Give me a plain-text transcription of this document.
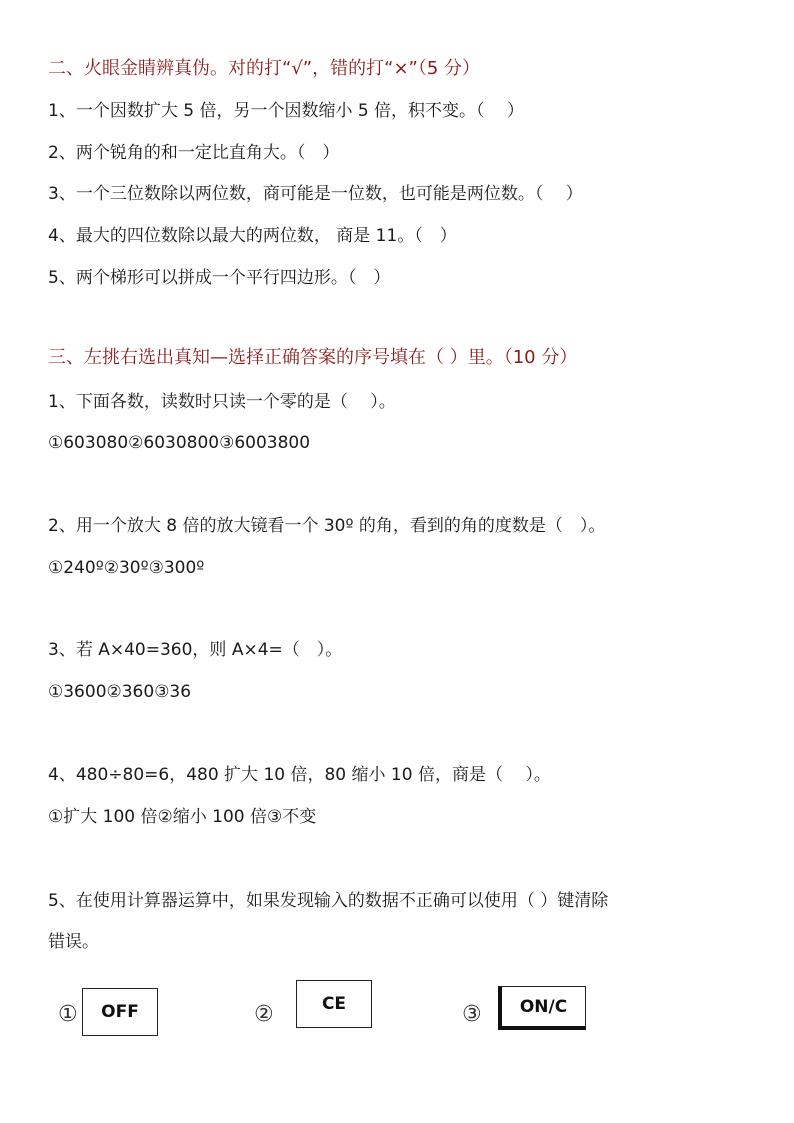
二、火眼金睛辨真伪。对的打“√”，错的打“×”（5 分）
1、一个因数扩大 5 倍，另一个因数缩小 5 倍，积不变。（　 ）
2、两个锐角的和一定比直角大。（　）
3、一个三位数除以两位数，商可能是一位数，也可能是两位数。（　 ）
4、最大的四位数除以最大的两位数， 商是 11。（　）
5、两个梯形可以拼成一个平行四边形。（　）
三、左挑右选出真知—选择正确答案的序号填在（ ）里。（10 分）
1、下面各数，读数时只读一个零的是（　 ）。
①603080②6030800③6003800
2、用一个放大 8 倍的放大镜看一个 30º 的角，看到的角的度数是（　）。
①240º②30º③300º
3、若 A×40=360，则 A×4=（　）。
①3600②360③36
4、480÷80=6，480 扩大 10 倍，80 缩小 10 倍，商是（　 ）。
①扩大 100 倍②缩小 100 倍③不变
5、在使用计算器运算中，如果发现输入的数据不正确可以使用（ ）键清除
错误。
① OFF	②	CE	③ ON/C
